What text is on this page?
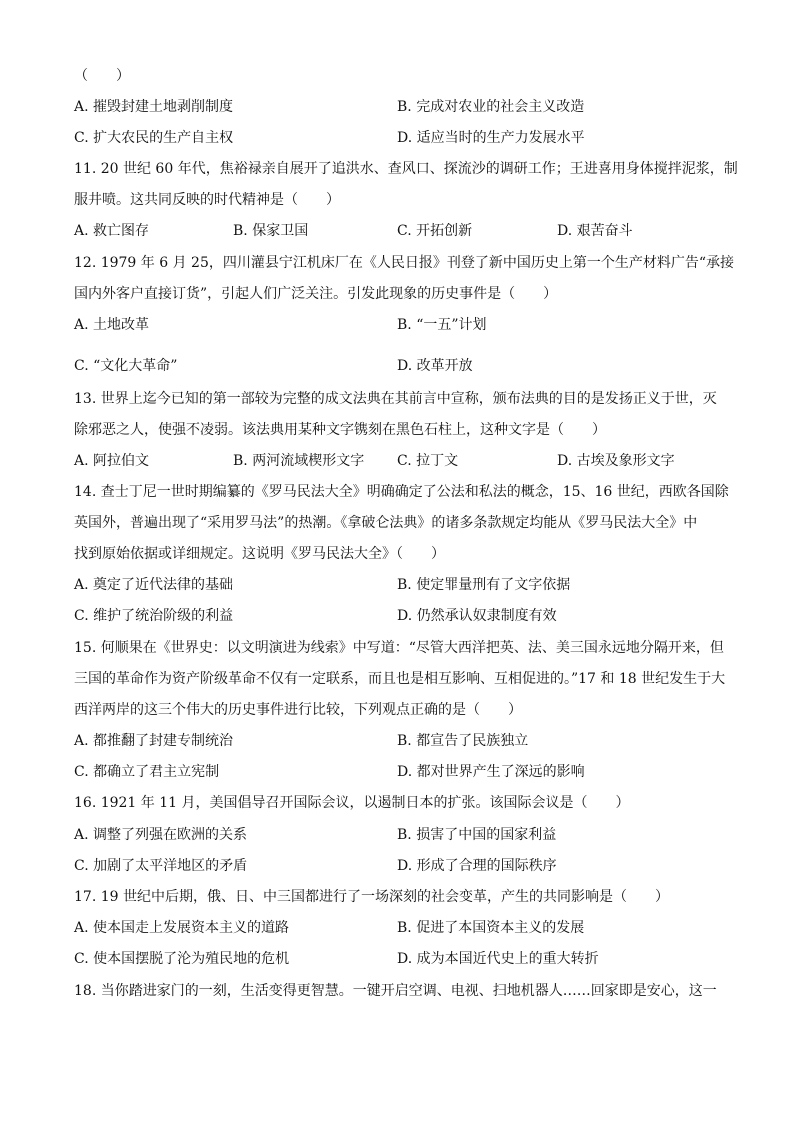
（　　）
A. 摧毁封建土地剥削制度	B. 完成对农业的社会主义改造
C. 扩大农民的生产自主权	D. 适应当时的生产力发展水平
11. 20 世纪 60 年代，焦裕禄亲自展开了追洪水、查风口、探流沙的调研工作；王进喜用身体搅拌泥浆，制
服井喷。这共同反映的时代精神是（　　）
A. 救亡图存	B. 保家卫国	C. 开拓创新	D. 艰苦奋斗
12. 1979 年 6 月 25，四川灌县宁江机床厂在《人民日报》刊登了新中国历史上第一个生产材料广告“承接
国内外客户直接订货”，引起人们广泛关注。引发此现象的历史事件是（　　）
A. 土地改革	B. “一五”计划
C. “文化大革命”	D. 改革开放
13. 世界上迄今已知的第一部较为完整的成文法典在其前言中宣称，颁布法典的目的是发扬正义于世，灭
除邪恶之人，使强不凌弱。该法典用某种文字镌刻在黑色石柱上，这种文字是（　　）
A. 阿拉伯文	B. 两河流域楔形文字 C. 拉丁文	D. 古埃及象形文字
14. 查士丁尼一世时期编纂的《罗马民法大全》明确确定了公法和私法的概念，15、16 世纪，西欧各国除
英国外，普遍出现了“采用罗马法”的热潮。《拿破仑法典》的诸多条款规定均能从《罗马民法大全》中
找到原始依据或详细规定。这说明《罗马民法大全》（　　）
A. 奠定了近代法律的基础	B. 使定罪量刑有了文字依据
C. 维护了统治阶级的利益	D. 仍然承认奴隶制度有效
15. 何顺果在《世界史：以文明演进为线索》中写道：“尽管大西洋把英、法、美三国永远地分隔开来，但
三国的革命作为资产阶级革命不仅有一定联系，而且也是相互影响、互相促进的。”17 和 18 世纪发生于大
西洋两岸的这三个伟大的历史事件进行比较，下列观点正确的是（　　）
A. 都推翻了封建专制统治	B. 都宣告了民族独立
C. 都确立了君主立宪制	D. 都对世界产生了深远的影响
16. 1921 年 11 月，美国倡导召开国际会议，以遏制日本的扩张。该国际会议是（　　）
A. 调整了列强在欧洲的关系	B. 损害了中国的国家利益
C. 加剧了太平洋地区的矛盾	D. 形成了合理的国际秩序
17. 19 世纪中后期，俄、日、中三国都进行了一场深刻的社会变革，产生的共同影响是（　　）
A. 使本国走上发展资本主义的道路	B. 促进了本国资本主义的发展
C. 使本国摆脱了沦为殖民地的危机	D. 成为本国近代史上的重大转折
18. 当你踏进家门的一刻，生活变得更智慧。一键开启空调、电视、扫地机器人……回家即是安心，这一
